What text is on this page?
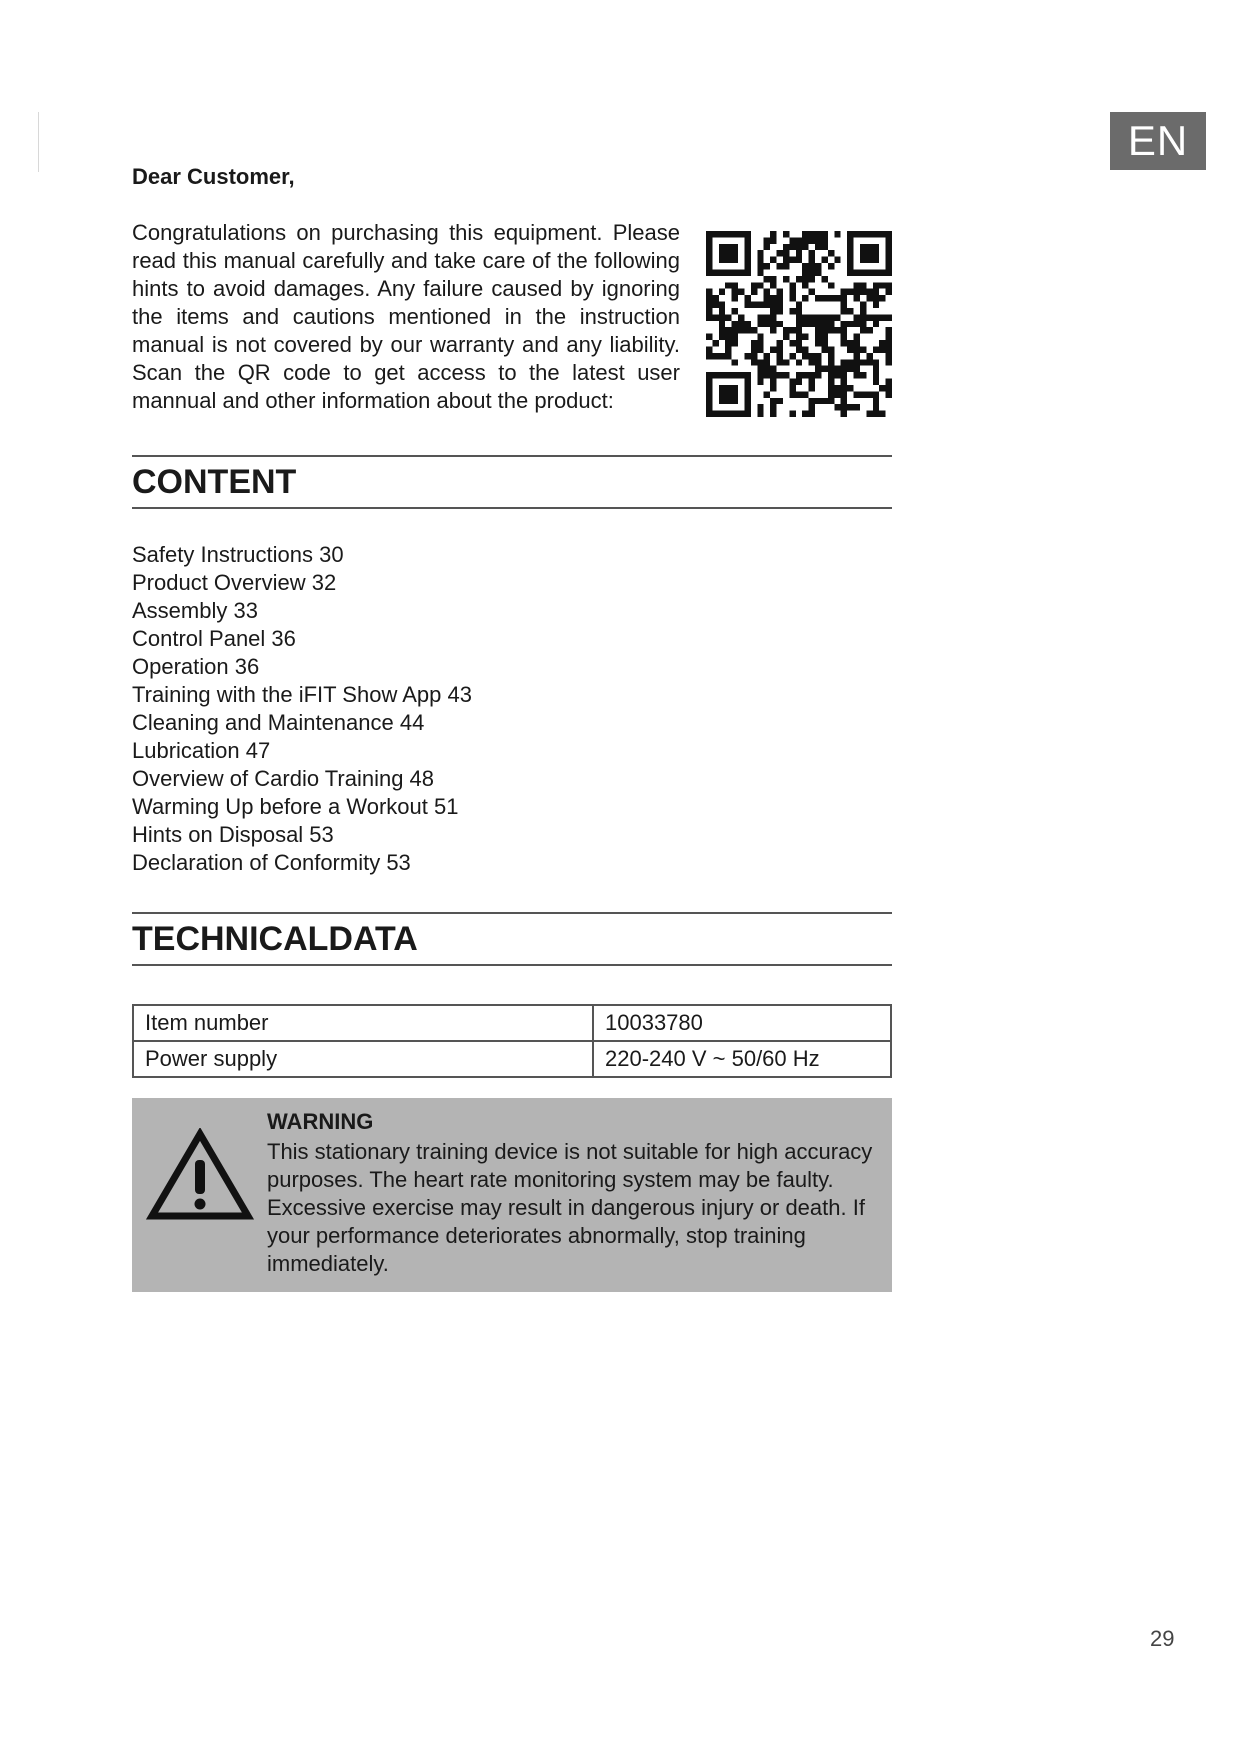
EN
Dear Customer,

Congratulations on purchasing this equipment. Please read this manual carefully and take care of the following hints to avoid damages. Any failure caused by ignoring the items and cautions mentioned in the instruction manual is not covered by our warranty and any liability. Scan the QR code to get access to the latest user mannual and other information about the product:

CONTENT
Safety Instructions 30
Product Overview 32
Assembly 33
Control Panel 36
Operation 36
Training with the iFIT Show App 43
Cleaning and Maintenance 44
Lubrication 47
Overview of Cardio Training 48
Warming Up before a Workout 51
Hints on Disposal 53
Declaration of Conformity 53
TECHNICALDATA
Item number	10033780
Power supply	220-240 V ~ 50/60 Hz
WARNING

This stationary training device is not suitable for high accuracy purposes. The heart rate monitoring system may be faulty. Excessive exercise may result in dangerous injury or death. If your performance deteriorates abnormally, stop training immediately.

29
